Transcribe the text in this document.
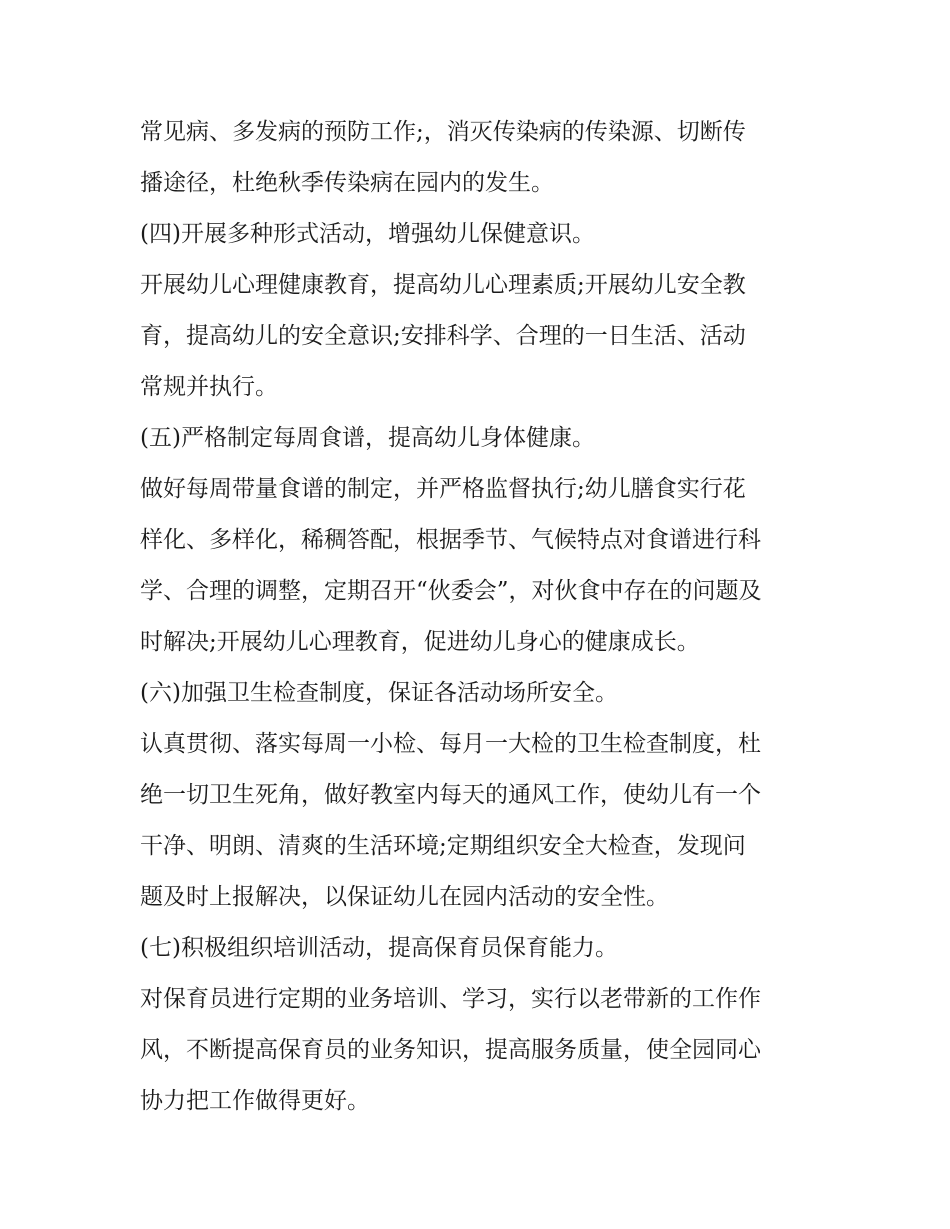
常见病、多发病的预防工作;，消灭传染病的传染源、切断传
播途径，杜绝秋季传染病在园内的发生。
(四)开展多种形式活动，增强幼儿保健意识。
开展幼儿心理健康教育，提高幼儿心理素质;开展幼儿安全教
育，提高幼儿的安全意识;安排科学、合理的一日生活、活动
常规并执行。
(五)严格制定每周食谱，提高幼儿身体健康。
做好每周带量食谱的制定，并严格监督执行;幼儿膳食实行花
样化、多样化，稀稠答配，根据季节、气候特点对食谱进行科
学、合理的调整，定期召开“伙委会”，对伙食中存在的问题及
时解决;开展幼儿心理教育，促进幼儿身心的健康成长。
(六)加强卫生检查制度，保证各活动场所安全。
认真贯彻、落实每周一小检、每月一大检的卫生检查制度，杜
绝一切卫生死角，做好教室内每天的通风工作，使幼儿有一个
干净、明朗、清爽的生活环境;定期组织安全大检查，发现问
题及时上报解决，以保证幼儿在园内活动的安全性。
(七)积极组织培训活动，提高保育员保育能力。
对保育员进行定期的业务培训、学习，实行以老带新的工作作
风，不断提高保育员的业务知识，提高服务质量，使全园同心
协力把工作做得更好。
